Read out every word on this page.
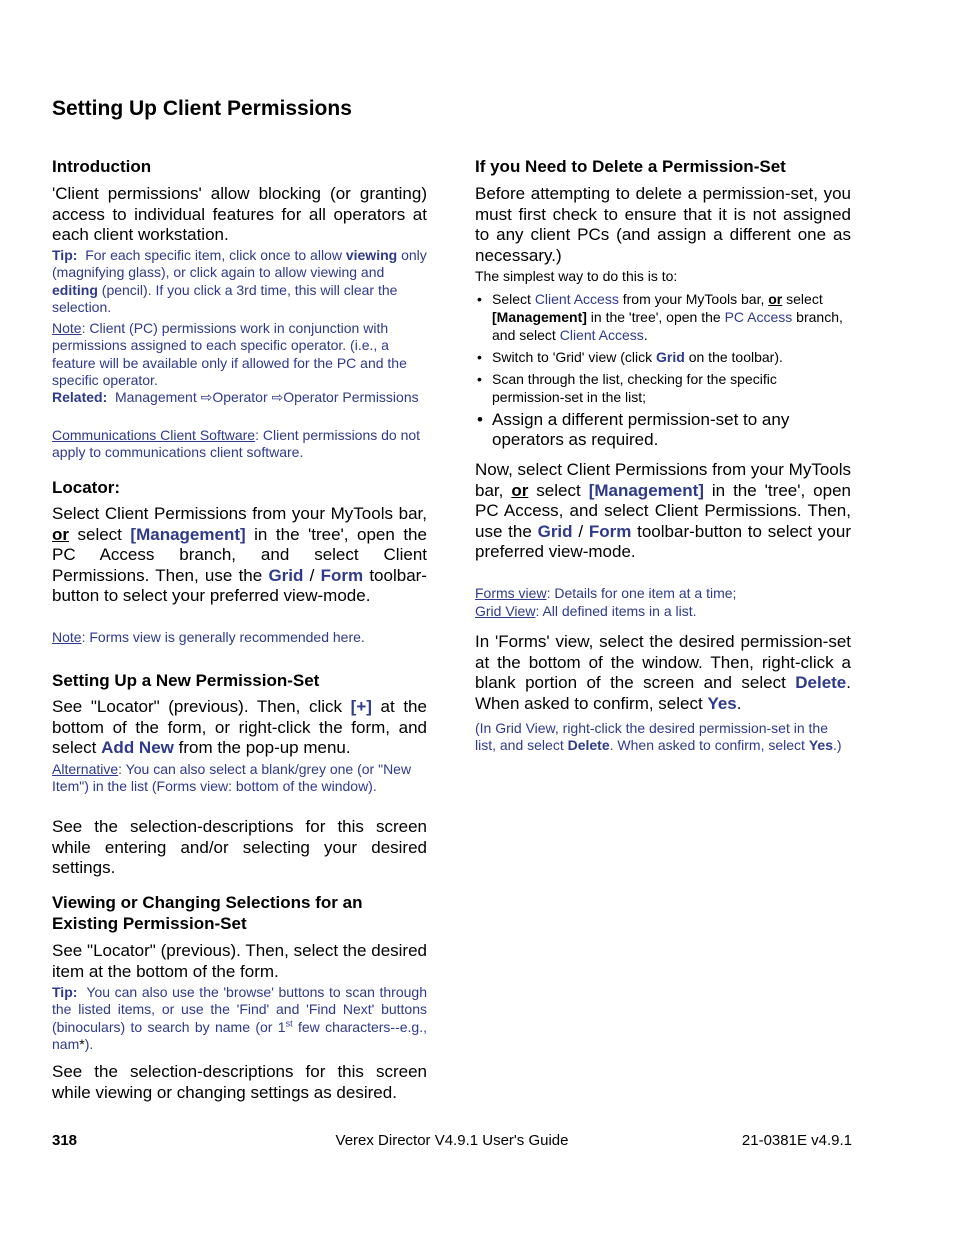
Setting Up Client Permissions
Introduction

'Client permissions' allow blocking (or granting) access to individual features for all operators at each client workstation.

Tip: For each specific item, click once to allow viewing only (magnifying glass), or click again to allow viewing and editing (pencil). If you click a 3rd time, this will clear the selection.

Note: Client (PC) permissions work in conjunction with permissions assigned to each specific operator. (i.e., a feature will be available only if allowed for the PC and the specific operator.

Related: Management ⇨Operator ⇨Operator Permissions

Communications Client Software: Client permissions do not apply to communications client software.

Locator:

Select Client Permissions from your MyTools bar, or select [Management] in the 'tree', open the PC Access branch, and select Client Permissions. Then, use the Grid / Form toolbar-button to select your preferred view-mode.

Note: Forms view is generally recommended here.

Setting Up a New Permission-Set

See "Locator" (previous). Then, click [+] at the bottom of the form, or right-click the form, and select Add New from the pop-up menu.

Alternative: You can also select a blank/grey one (or "New Item") in the list (Forms view: bottom of the window).

See the selection-descriptions for this screen while entering and/or selecting your desired settings.

Viewing or Changing Selections for an Existing Permission-Set

See "Locator" (previous). Then, select the desired item at the bottom of the form.

Tip: You can also use the 'browse' buttons to scan through the listed items, or use the 'Find' and 'Find Next' buttons (binoculars) to search by name (or 1st few characters--e.g., nam*).

See the selection-descriptions for this screen while viewing or changing settings as desired.

If you Need to Delete a Permission-Set

Before attempting to delete a permission-set, you must first check to ensure that it is not assigned to any client PCs (and assign a different one as necessary.)

The simplest way to do this is to:

• Select Client Access from your MyTools bar, or select [Management] in the 'tree', open the PC Access branch, and select Client Access.
• Switch to 'Grid' view (click Grid on the toolbar).
• Scan through the list, checking for the specific permission-set in the list;
• Assign a different permission-set to any operators as required.

Now, select Client Permissions from your MyTools bar, or select [Management] in the 'tree', open PC Access, and select Client Permissions. Then, use the Grid / Form toolbar-button to select your preferred view-mode.

Forms view: Details for one item at a time;

Grid View: All defined items in a list.

In 'Forms' view, select the desired permission-set at the bottom of the window. Then, right-click a blank portion of the screen and select Delete. When asked to confirm, select Yes.

(In Grid View, right-click the desired permission-set in the list, and select Delete. When asked to confirm, select Yes.)

318	Verex Director V4.9.1 User's Guide	21-0381E v4.9.1
